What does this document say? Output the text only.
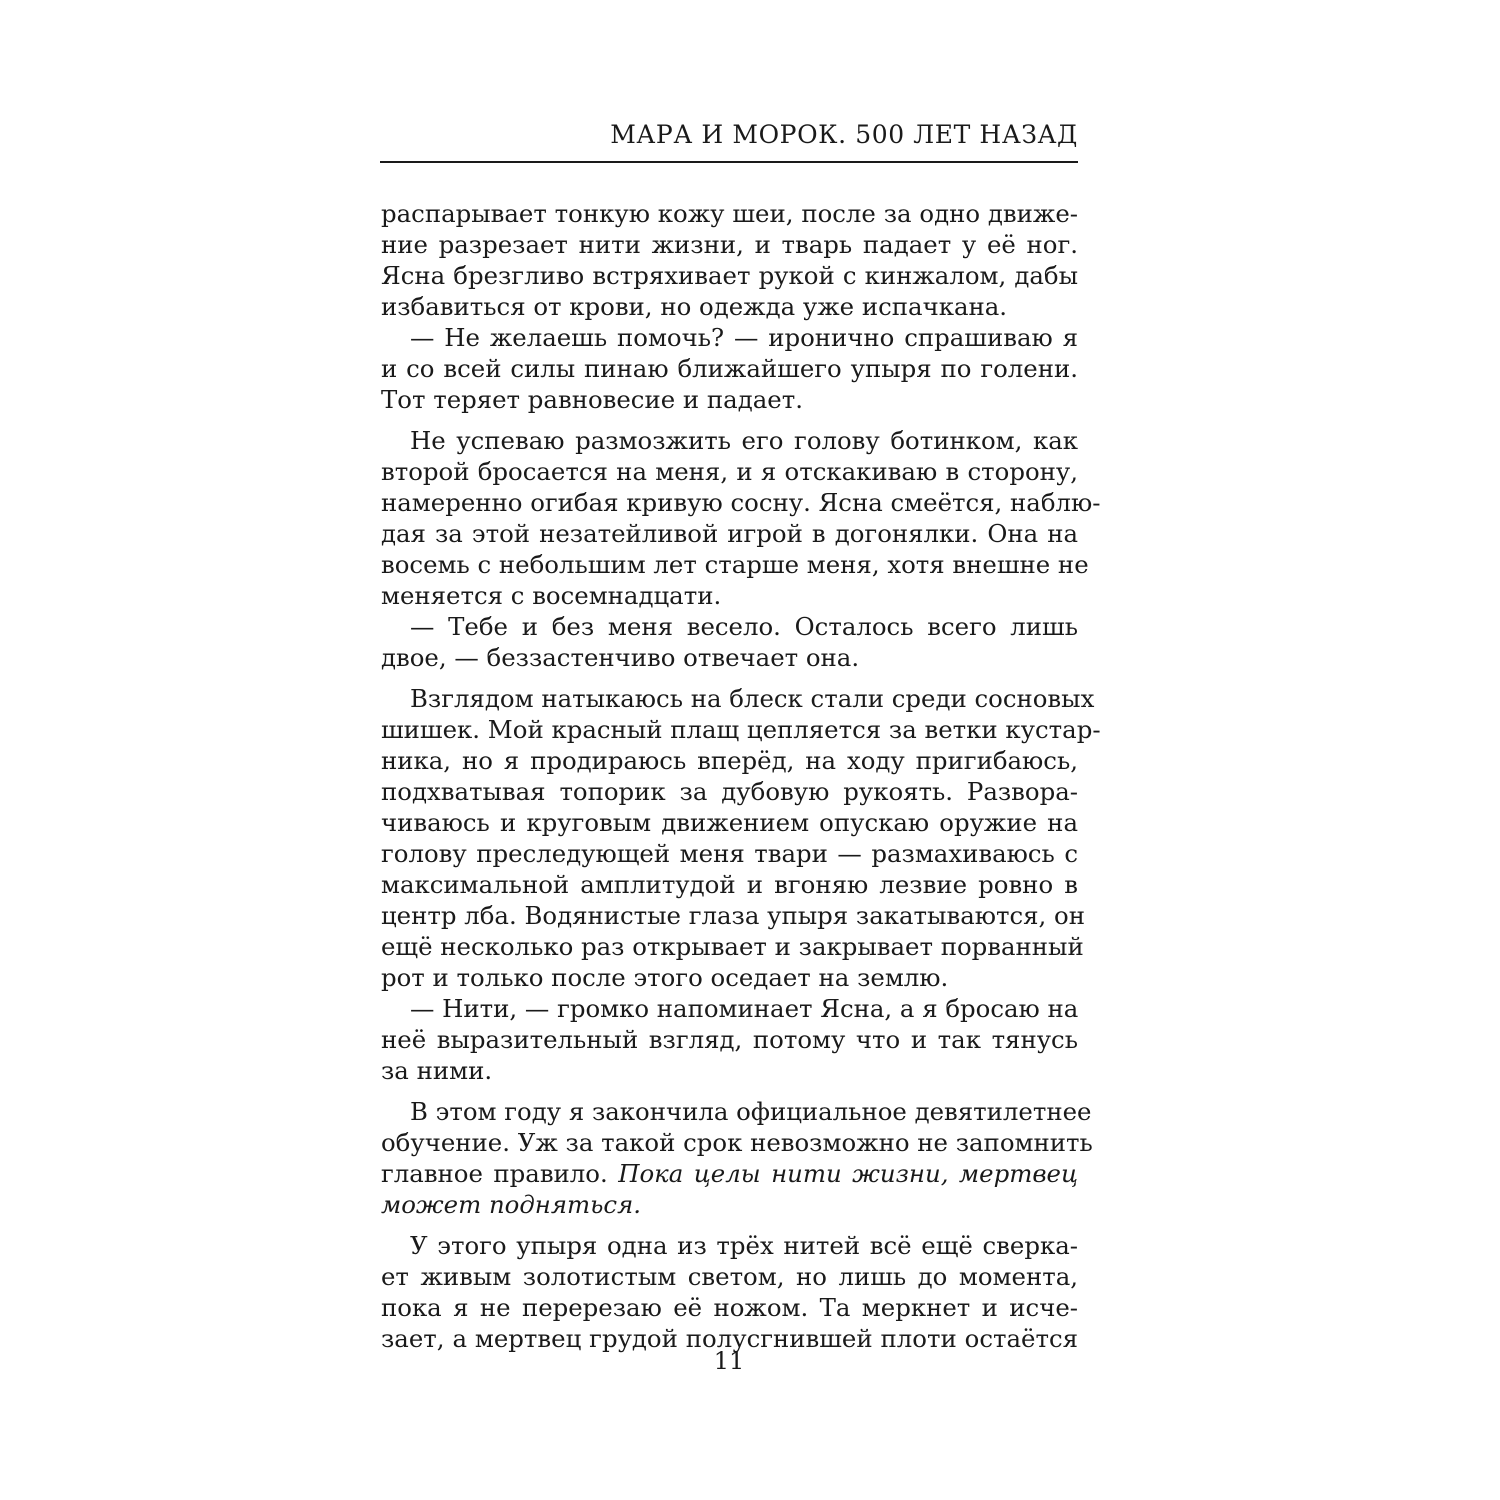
МАРА И МОРОК. 500 ЛЕТ НАЗАД
распарывает тонкую кожу шеи, после за одно движе-
ние разрезает нити жизни, и тварь падает у её ног.
Ясна брезгливо встряхивает рукой с кинжалом, дабы
избавиться от крови, но одежда уже испачкана.
— Не желаешь помочь? — иронично спрашиваю я
и со всей силы пинаю ближайшего упыря по голени.
Тот теряет равновесие и падает.
Не успеваю размозжить его голову ботинком, как
второй бросается на меня, и я отскакиваю в сторону,
намеренно огибая кривую сосну. Ясна смеётся, наблю-
дая за этой незатейливой игрой в догонялки. Она на
восемь с небольшим лет старше меня, хотя внешне не
меняется с восемнадцати.
— Тебе и без меня весело. Осталось всего лишь
двое, — беззастенчиво отвечает она.
Взглядом натыкаюсь на блеск стали среди сосновых
шишек. Мой красный плащ цепляется за ветки кустар-
ника, но я продираюсь вперёд, на ходу пригибаюсь,
подхватывая топорик за дубовую рукоять. Развора-
чиваюсь и круговым движением опускаю оружие на
голову преследующей меня твари — размахиваюсь с
максимальной амплитудой и вгоняю лезвие ровно в
центр лба. Водянистые глаза упыря закатываются, он
ещё несколько раз открывает и закрывает порванный
рот и только после этого оседает на землю.
— Нити, — громко напоминает Ясна, а я бросаю на
неё выразительный взгляд, потому что и так тянусь
за ними.
В этом году я закончила официальное девятилетнее
обучение. Уж за такой срок невозможно не запомнить
главное правило. Пока целы нити жизни, мертвец
может подняться.
У этого упыря одна из трёх нитей всё ещё сверка-
ет живым золотистым светом, но лишь до момента,
пока я не перерезаю её ножом. Та меркнет и исче-
зает, а мертвец грудой полусгнившей плоти остаётся
11
